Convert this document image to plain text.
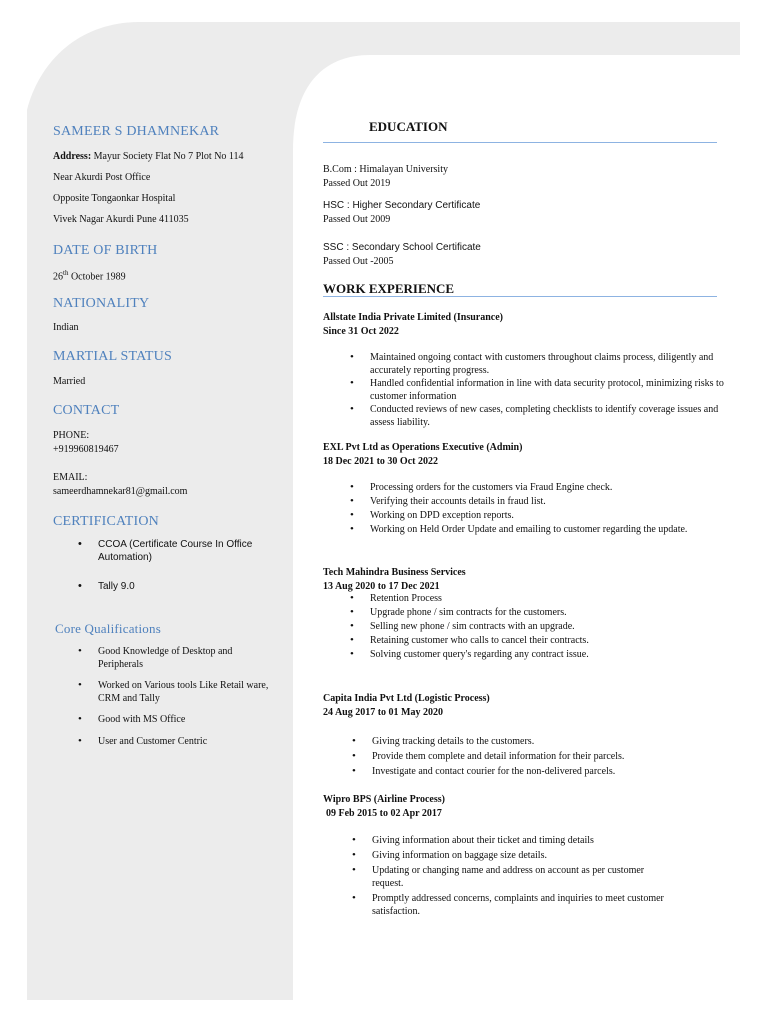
SAMEER S DHAMNEKAR
Address: Mayur Society Flat No 7 Plot No 114
Near Akurdi Post Office
Opposite Tongaonkar Hospital
Vivek Nagar Akurdi Pune 411035
DATE OF BIRTH
26th October 1989
NATIONALITY
Indian
MARTIAL STATUS
Married
CONTACT
PHONE:
+919960819467
EMAIL:
sameerdhamnekar81@gmail.com
CERTIFICATION
• CCOA (Certificate Course In Office Automation)
• Tally 9.0
Core Qualifications
• Good Knowledge of Desktop and Peripherals
• Worked on Various tools Like Retail ware, CRM and Tally
• Good with MS Office
• User and Customer Centric
EDUCATION
B.Com : Himalayan University
Passed Out 2019
HSC : Higher Secondary Certificate
Passed Out 2009
SSC : Secondary School Certificate
Passed Out -2005
WORK EXPERIENCE
Allstate India Private Limited (Insurance)
Since 31 Oct 2022
• Maintained ongoing contact with customers throughout claims process, diligently and accurately reporting progress.
• Handled confidential information in line with data security protocol, minimizing risks to customer information
• Conducted reviews of new cases, completing checklists to identify coverage issues and assess liability.
EXL Pvt Ltd as Operations Executive (Admin)
18 Dec 2021 to 30 Oct 2022
• Processing orders for the customers via Fraud Engine check.
• Verifying their accounts details in fraud list.
• Working on DPD exception reports.
• Working on Held Order Update and emailing to customer regarding the update.
Tech Mahindra Business Services
13 Aug 2020 to 17 Dec 2021
• Retention Process
• Upgrade phone / sim contracts for the customers.
• Selling new phone / sim contracts with an upgrade.
• Retaining customer who calls to cancel their contracts.
• Solving customer query's regarding any contract issue.
Capita India Pvt Ltd (Logistic Process)
24 Aug 2017 to 01 May 2020
• Giving tracking details to the customers.
• Provide them complete and detail information for their parcels.
• Investigate and contact courier for the non-delivered parcels.
Wipro BPS (Airline Process)
09 Feb 2015 to 02 Apr 2017
• Giving information about their ticket and timing details
• Giving information on baggage size details.
• Updating or changing name and address on account as per customer request.
• Promptly addressed concerns, complaints and inquiries to meet customer satisfaction.
